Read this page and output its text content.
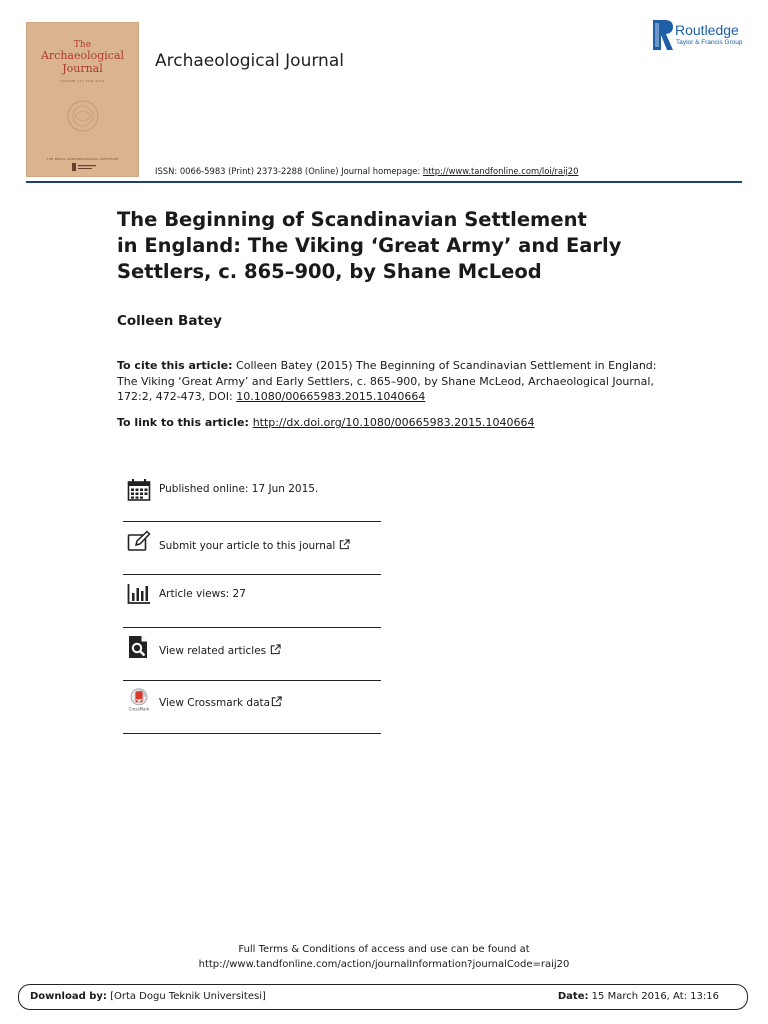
The
Archaeological
Journal
VOLUME 172 FOR 2015
THE ROYAL ARCHAEOLOGICAL INSTITUTE
Archaeological Journal
Routledge
Taylor & Francis Group
ISSN: 0066-5983 (Print) 2373-2288 (Online) Journal homepage: http://www.tandfonline.com/loi/raij20
The Beginning of Scandinavian Settlement
in England: The Viking ‘Great Army’ and Early
Settlers, c. 865–900, by Shane McLeod
Colleen Batey
To cite this article: Colleen Batey (2015) The Beginning of Scandinavian Settlement in England: The Viking ‘Great Army’ and Early Settlers, c. 865–900, by Shane McLeod, Archaeological Journal, 172:2, 472-473, DOI: 10.1080/00665983.2015.1040664
To link to this article: http://dx.doi.org/10.1080/00665983.2015.1040664
Published online: 17 Jun 2015.
Submit your article to this journal
Article views: 27
View related articles
CrossMark View Crossmark data
Full Terms & Conditions of access and use can be found at
http://www.tandfonline.com/action/journalInformation?journalCode=raij20
Download by: [Orta Dogu Teknik Universitesi]	Date: 15 March 2016, At: 13:16
